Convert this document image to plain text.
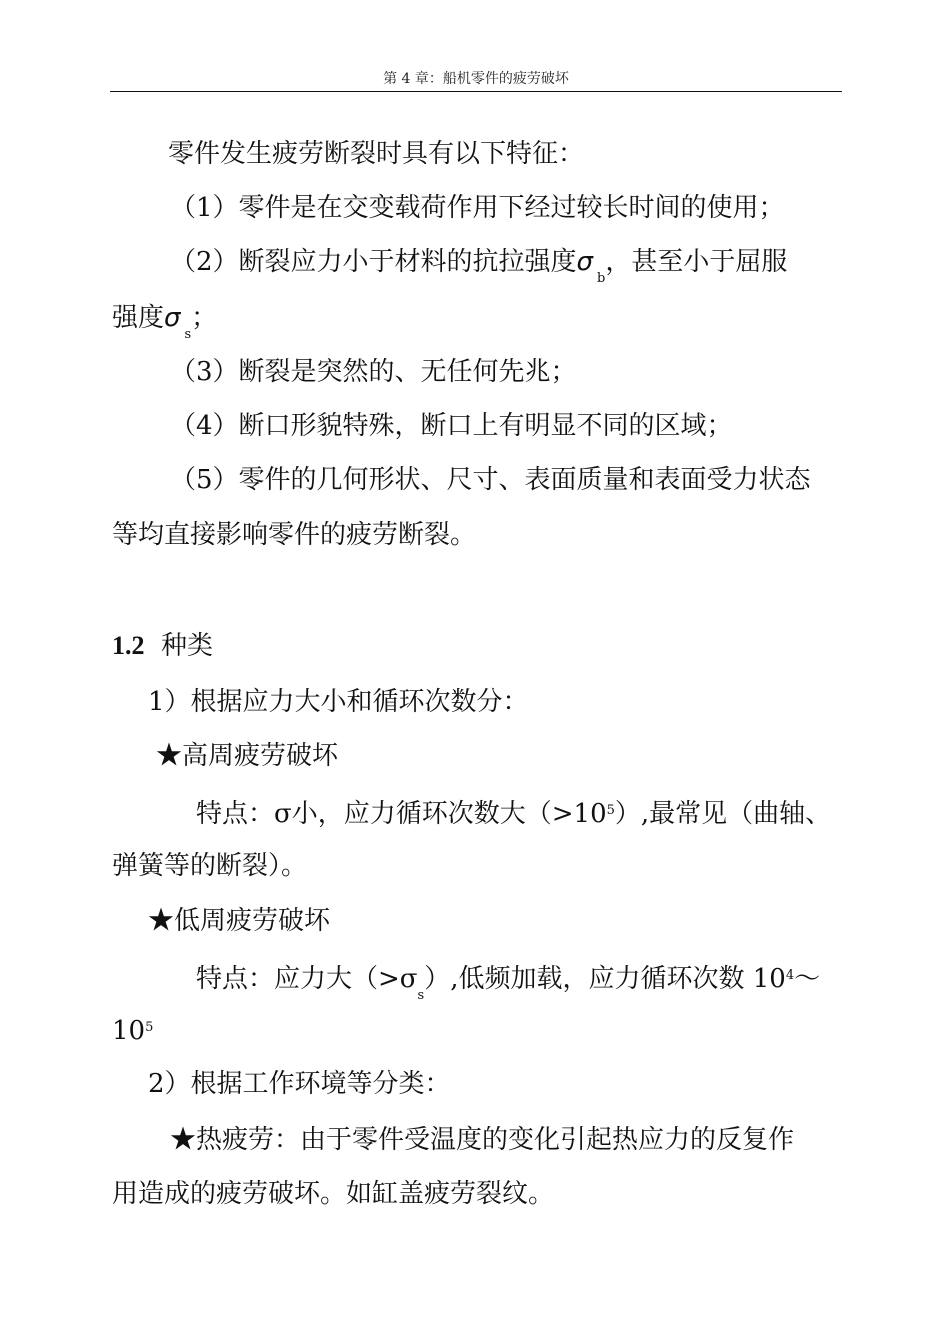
第 4 章：船机零件的疲劳破坏
零件发生疲劳断裂时具有以下特征：
（1）零件是在交变载荷作用下经过较长时间的使用；
（2）断裂应力小于材料的抗拉强度$\sigma_b$，甚至小于屈服
强度$\sigma_s$；
（3）断裂是突然的、无任何先兆；
（4）断口形貌特殊，断口上有明显不同的区域；
（5）零件的几何形状、尺寸、表面质量和表面受力状态
等均直接影响零件的疲劳断裂。
1.2 种类
1）根据应力大小和循环次数分：
★高周疲劳破坏
特点：σ小，应力循环次数大$(>10^5)$,最常见（曲轴、
弹簧等的断裂）。
★低周疲劳破坏
特点：应力大$(>\sigma_s)$,低频加载，应力循环次数 $10^4\sim$
$10^5$
2）根据工作环境等分类：
★热疲劳：由于零件受温度的变化引起热应力的反复作
用造成的疲劳破坏。如缸盖疲劳裂纹。
